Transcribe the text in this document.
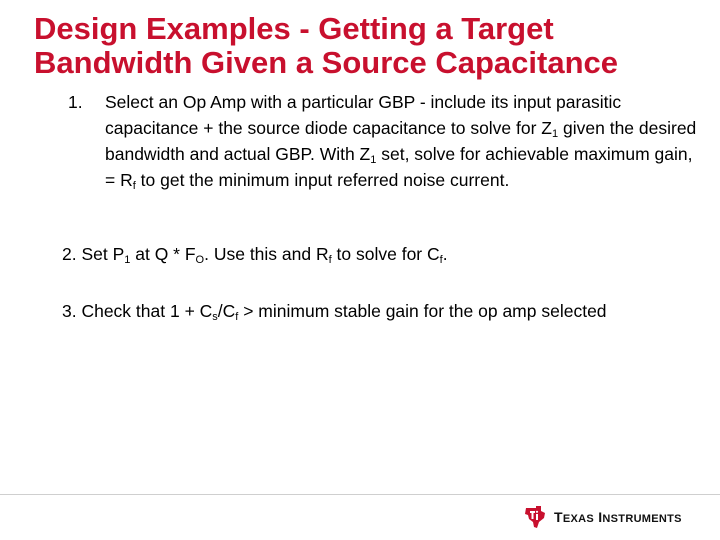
Design Examples - Getting a Target
Bandwidth Given a Source Capacitance
1. Select an Op Amp with a particular GBP - include its input parasitic capacitance + the source diode capacitance to solve for $Z_1$ given the desired bandwidth and actual GBP. With $Z_1$ set, solve for achievable maximum gain, = $R_f$ to get the minimum input referred noise current.
2. Set $P_1$ at Q * $F_O$. Use this and $R_f$ to solve for $C_f$.
3. Check that $1 + C_s/C_f$ > minimum stable gain for the op amp selected
TEXAS INSTRUMENTS
